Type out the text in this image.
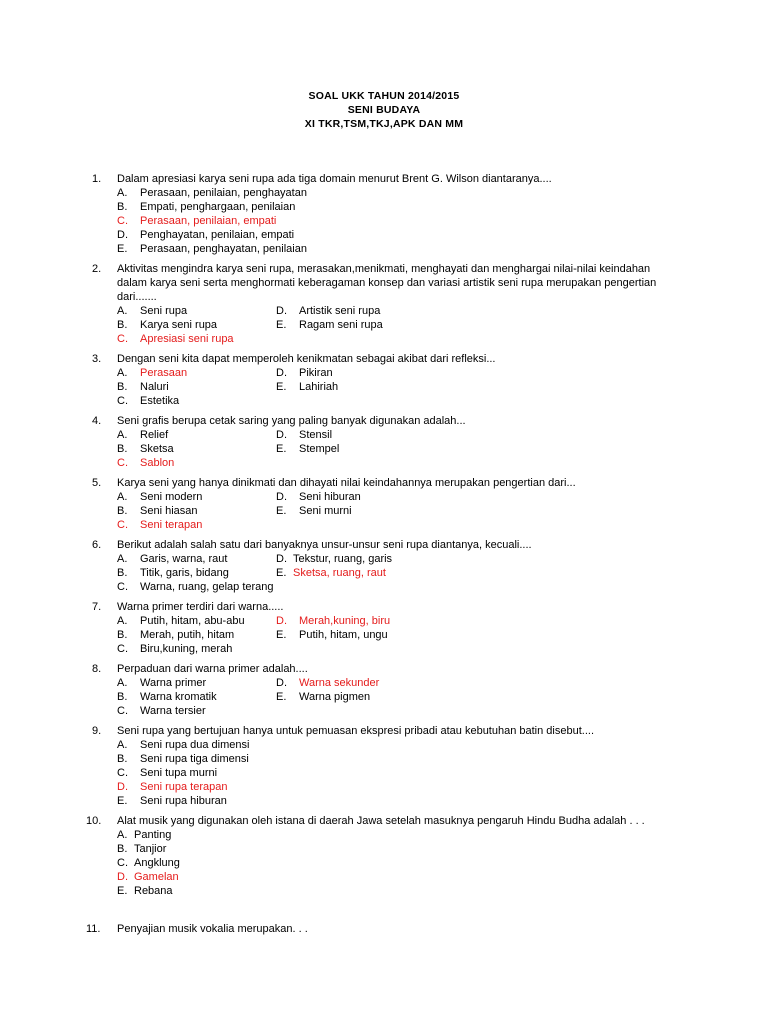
SOAL UKK TAHUN 2014/2015
SENI BUDAYA
XI TKR,TSM,TKJ,APK DAN MM
1. Dalam apresiasi karya seni rupa ada tiga domain menurut Brent G. Wilson diantaranya....
A. Perasaan, penilaian, penghayatan
B. Empati, penghargaan, penilaian
C. Perasaan, penilaian, empati
D. Penghayatan, penilaian, empati
E. Perasaan, penghayatan, penilaian
2. Aktivitas mengindra karya seni rupa, merasakan,menikmati, menghayati dan menghargai nilai-nilai keindahan dalam karya seni serta menghormati keberagaman konsep dan variasi artistik seni rupa merupakan pengertian dari.......
A. Seni rupa	D. Artistik seni rupa
B. Karya seni rupa	E. Ragam seni rupa
C. Apresiasi seni rupa
3. Dengan seni kita dapat memperoleh kenikmatan sebagai akibat dari refleksi...
A. Perasaan	D. Pikiran
B. Naluri	E. Lahiriah
C. Estetika
4. Seni grafis berupa cetak saring yang paling banyak digunakan adalah...
A. Relief	D. Stensil
B. Sketsa	E. Stempel
C. Sablon
5. Karya seni yang hanya dinikmati dan dihayati nilai keindahannya merupakan pengertian dari...
A. Seni modern	D. Seni hiburan
B. Seni hiasan	E. Seni murni
C. Seni terapan
6. Berikut adalah salah satu dari banyaknya unsur-unsur seni rupa diantanya, kecuali....
A. Garis, warna, raut	D. Tekstur, ruang, garis
B. Titik, garis, bidang	E. Sketsa, ruang, raut
C. Warna, ruang, gelap terang
7. Warna primer terdiri dari warna.....
A. Putih, hitam, abu-abu	D. Merah,kuning, biru
B. Merah, putih, hitam	E. Putih, hitam, ungu
C. Biru,kuning, merah
8. Perpaduan dari warna primer adalah....
A. Warna primer	D. Warna sekunder
B. Warna kromatik	E. Warna pigmen
C. Warna tersier
9. Seni rupa yang bertujuan hanya untuk pemuasan ekspresi pribadi atau kebutuhan batin disebut....
A. Seni rupa dua dimensi
B. Seni rupa tiga dimensi
C. Seni tupa murni
D. Seni rupa terapan
E. Seni rupa hiburan
10. Alat musik yang digunakan oleh istana di daerah Jawa setelah masuknya pengaruh Hindu Budha adalah . . .
A. Panting
B. Tanjior
C. Angklung
D. Gamelan
E. Rebana
11. Penyajian musik vokalia merupakan. . .
